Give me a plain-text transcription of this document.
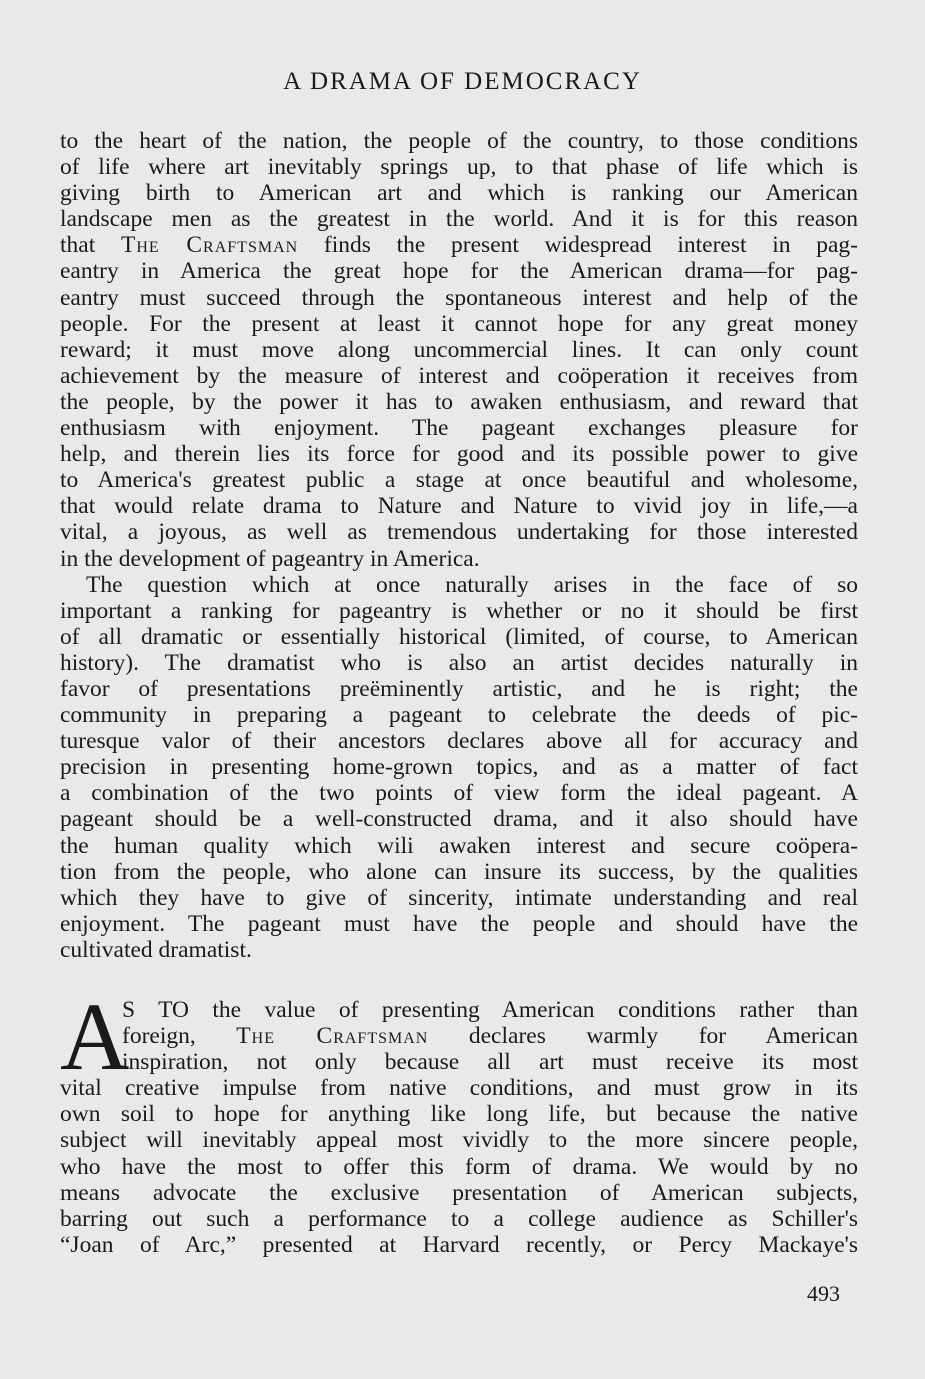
A DRAMA OF DEMOCRACY
to the heart of the nation, the people of the country, to those conditions
of life where art inevitably springs up, to that phase of life which is
giving birth to American art and which is ranking our American
landscape men as the greatest in the world. And it is for this reason
that The Craftsman finds the present widespread interest in pag-
eantry in America the great hope for the American drama—for pag-
eantry must succeed through the spontaneous interest and help of the
people. For the present at least it cannot hope for any great money
reward; it must move along uncommercial lines. It can only count
achievement by the measure of interest and coöperation it receives from
the people, by the power it has to awaken enthusiasm, and reward that
enthusiasm with enjoyment. The pageant exchanges pleasure for
help, and therein lies its force for good and its possible power to give
to America's greatest public a stage at once beautiful and wholesome,
that would relate drama to Nature and Nature to vivid joy in life,—a
vital, a joyous, as well as tremendous undertaking for those interested
in the development of pageantry in America.
The question which at once naturally arises in the face of so
important a ranking for pageantry is whether or no it should be first
of all dramatic or essentially historical (limited, of course, to American
history). The dramatist who is also an artist decides naturally in
favor of presentations preëminently artistic, and he is right; the
community in preparing a pageant to celebrate the deeds of pic-
turesque valor of their ancestors declares above all for accuracy and
precision in presenting home-grown topics, and as a matter of fact
a combination of the two points of view form the ideal pageant. A
pageant should be a well-constructed drama, and it also should have
the human quality which wili awaken interest and secure coöpera-
tion from the people, who alone can insure its success, by the qualities
which they have to give of sincerity, intimate understanding and real
enjoyment. The pageant must have the people and should have the
cultivated dramatist.
A
S TO the value of presenting American conditions rather than
foreign, The Craftsman declares warmly for American
inspiration, not only because all art must receive its most
vital creative impulse from native conditions, and must grow in its
own soil to hope for anything like long life, but because the native
subject will inevitably appeal most vividly to the more sincere people,
who have the most to offer this form of drama. We would by no
means advocate the exclusive presentation of American subjects,
barring out such a performance to a college audience as Schiller's
“Joan of Arc,” presented at Harvard recently, or Percy Mackaye's
493
